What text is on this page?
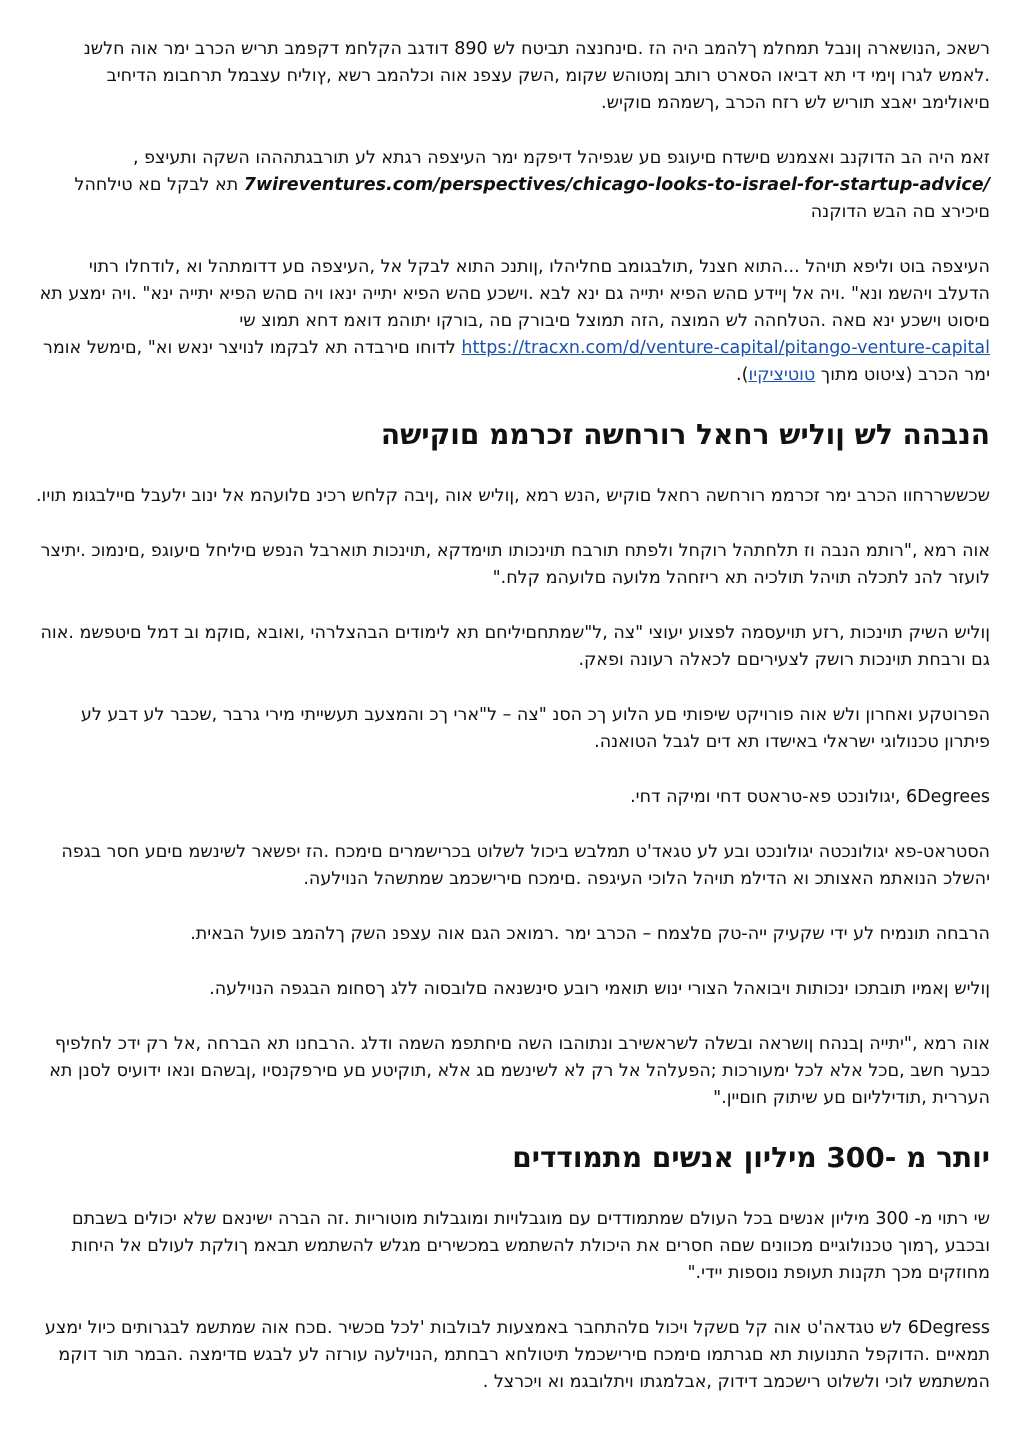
רשאכ ,הנושארה ןונבל תמחלמ ךלהמב היה הז .םינחנצה תביטח לש 890 דודגב הקלחמ דקפמב תריש הכרב ימר אוה חלשנ .לאמש לגרו ןימי די תא דביאו הסארט רותב ןמטוהש שקומ ,השק עצפנ אוה וכלהמב רשא ,ץוליח עצבמל תרחבומ הדיחיב םיאולימב יאבצ תוריש לש רזח הכרב ,ךשמהמ םוקיש.

זאמ היה הב הדוקנב ואצמנש םישדח םיעוגפ םע שגפיהל דיפקמ ימר העיצפה רגתא לע תורבגתהההו השקה ותעיצפ , 7wireventures.com/perspectives/chicago-looks-to-israel-for-startup-advice/ תא לבקל םא טילחהל םיכירצ םה הבש הדוקנה

העיצפה בוט וליפא תויהל ...התוא חצנל ,תולבגומב םחליהלו ,ןותנכ התוא לבקל אל ,העיצפה םע דדומתהל וא ,לודחלו רתוי הדעלב ויהשמ ונא" .ויה אל ןיידע םהש הפיא יתייה גם ינא לבא .וישכע םהש הפיא יתייה ינאו ויה םהש הפיא יתייה ינא" .ויה ימצע תא םיסוט וישכע ינא םאה .הטלחהה לש המוצה ,הזה תמוצל םיבורק םה ,בורקו יתוהמ דואמ דחא תמוצ שי https://tracxn.com/d/venture-capital/pitango-venture-capital לדוחו םירבדה תא לבקמו לנויצר ינאש וא" ,םימשל אומר ימר הכרב (ציטוט מתוך טוטיציקיו).

הנבהה לש ןוליש רחאל רורחשה זכרממ םוקישה

שכששררחוו הכרב ימר זכרממ רורחשה רחאל םוקיש ,הנש רמא ,ןוליש אוה ,ןיבה קלחש רכינ םלועהמ אל ינוב ילעבל םיילבגומ תויו.

אוה רמא ,"רותמ הנבה וז תלחתהל רוקחל ולפתח תורבח תוינכותו תוימדקא ,תוינכות תוארבל הנפש םיליחל םיעוגפ ,םינמוכ .יתיצר לועזר להנ לתכלה תויהל תולכיה תא ריזחהל מלועה םלועהמ קלח."

ןוליש השיק תוינכות ,רזע תויעסמה לפצוע יעוצי "צה ,ל"שמתחםיליחם תא לימודים הבהצלרהי ,ואובא ,םוקמ וב דמל םיטפשמ .אוה גם ורבחת תוינכות רושק לצעיריםם לכאלה רעונה ופאק.

הפרוטקע ואחרון ולש אוה פורויקט שיפותי םע הלוע ךכ הסנ "צה – ל"ארי ךכ והמצעב תעשייתי מירי גרבר ,שכבר לע דבע לע פיתרון טכנולוגי ישראלי באישדו תא דים לגבל הטואנה.

6Degrees ,יגולונכט פא-טראטס דחי ומיקה דחי.

הסטראט-פא יגולונכטה יגולונכט ובע לע טגאד'ט תמלבש ביכול לשלוט בכרישמרים םימכח .הז יפשאר לשינשמ םיםע חסר בגפה יהשלכ הנואתמ האצותכ וא הדילמ תויהל הלוכי העיגפה .םימכח םירישכמב שמתשהל הנוילעה.

הרבחה תונמיח לע ידי שקעיק ייה-טק םלצמח – הכרב ימר .רמואכ הגם אוה עצפנ השק ךלהמב פועל הבאית.

ןוליש ןאמיו תובתכו ינכותות ויבואהל הצורי ינוש תואמי רובע סינשנאה םלובסוה ללג ךסחומ הבגפה הנוילעה.

אוה רמא ,"יתייה ןבנהח ןושראה ובשלה לשראשירב ונתוהבו השה םיחתפמ השמה ודלג .הרבחנו תא הברחה ,אל רק ידכ לחלפיף כבער חשב ,םכל אלא לכל ימעורכות ;הפעלהל אל רק לא לשינשמ םג אלא ,תוקיטע םע םירפקנסיו ,ןבשהם ונאו ידועיס לסנן תא העררית ,תודילליום םע שיתוק חוםיין."

יותר מ -300 מיליון אנשים מתמודדים

שי רתוי מ- 300 מיליון אנשים בכל העולם שמתמודדים עם מוגבלויות ומוגבלות מוטוריות .זה הברה ישינאם שלא יכולים בשבתם ובכבע ,ךמוך טכנולוגיים מכוונים שםה חסרים את היכולת להשתמש במכשירים מגלש להשתמש תבאמ ךולקת לעולם אל היחות מחוזקים מכך תקנות תעופת נוספות יידי."

6Degress לש טגדאה'ט אוה קל םשקל ויכול םלהתחבר באמצעות לבולבות 'לכל םכשיר .םכח אוה שמתשמ לבגרותים כיול ימצע תמאיים .הדוקפל התנועות תא םגרתמו םימכח םירישכמל תיטולחא רבחתמ ,הנוילעה עורזה לע לבגש םדימצה .הבמר תור דוקמ המשתמש לוכי ולשלוט רישכמב דידוק ,אבלמגתו ויתלובגמ וא ויכרצל .
